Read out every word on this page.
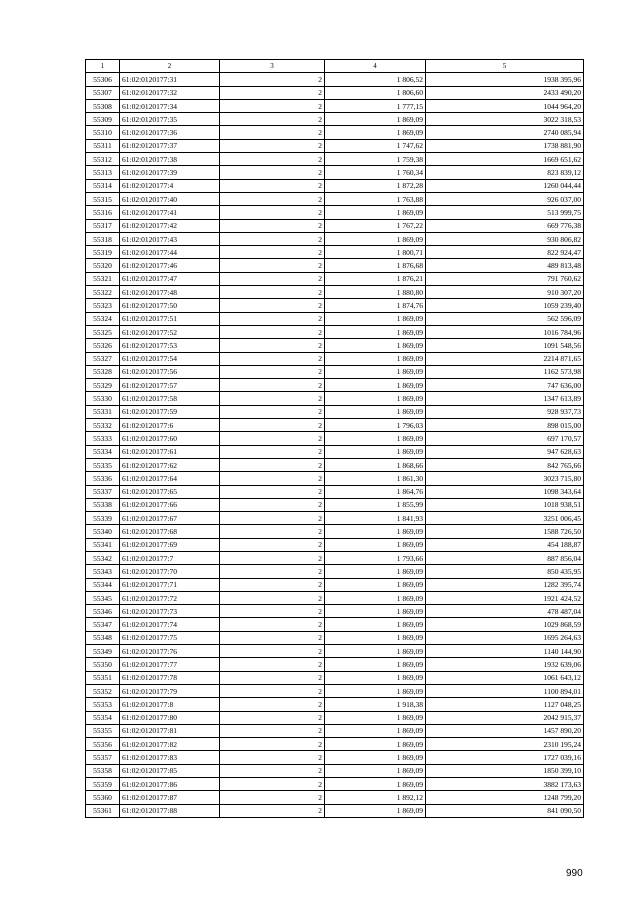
1	2	3	4	5
55306	61:02:0120177:31	2	1 806,52	1938 395,96
55307	61:02:0120177:32	2	1 806,60	2433 490,20
55308	61:02:0120177:34	2	1 777,15	1044 964,20
55309	61:02:0120177:35	2	1 869,09	3022 318,53
55310	61:02:0120177:36	2	1 869,09	2740 085,94
55311	61:02:0120177:37	2	1 747,62	1738 881,90
55312	61:02:0120177:38	2	1 759,38	1669 651,62
55313	61:02:0120177:39	2	1 760,34	823 839,12
55314	61:02:0120177:4	2	1 872,28	1260 044,44
55315	61:02:0120177:40	2	1 763,88	926 037,00
55316	61:02:0120177:41	2	1 869,09	513 999,75
55317	61:02:0120177:42	2	1 767,22	669 776,38
55318	61:02:0120177:43	2	1 869,09	930 806,82
55319	61:02:0120177:44	2	1 800,71	822 924,47
55320	61:02:0120177:46	2	1 876,68	489 813,48
55321	61:02:0120177:47	2	1 876,21	791 760,62
55322	61:02:0120177:48	2	1 880,80	910 307,20
55323	61:02:0120177:50	2	1 874,76	1059 239,40
55324	61:02:0120177:51	2	1 869,09	562 596,09
55325	61:02:0120177:52	2	1 869,09	1016 784,96
55326	61:02:0120177:53	2	1 869,09	1091 548,56
55327	61:02:0120177:54	2	1 869,09	2214 871,65
55328	61:02:0120177:56	2	1 869,09	1162 573,98
55329	61:02:0120177:57	2	1 869,09	747 636,00
55330	61:02:0120177:58	2	1 869,09	1347 613,89
55331	61:02:0120177:59	2	1 869,09	928 937,73
55332	61:02:0120177:6	2	1 796,03	898 015,00
55333	61:02:0120177:60	2	1 869,09	697 170,57
55334	61:02:0120177:61	2	1 869,09	947 628,63
55335	61:02:0120177:62	2	1 868,66	842 765,66
55336	61:02:0120177:64	2	1 861,30	3023 715,80
55337	61:02:0120177:65	2	1 864,76	1098 343,64
55338	61:02:0120177:66	2	1 855,99	1018 938,51
55339	61:02:0120177:67	2	1 841,93	3251 006,45
55340	61:02:0120177:68	2	1 869,09	1588 726,50
55341	61:02:0120177:69	2	1 869,09	454 188,87
55342	61:02:0120177:7	2	1 793,66	887 856,04
55343	61:02:0120177:70	2	1 869,09	850 435,95
55344	61:02:0120177:71	2	1 869,09	1282 395,74
55345	61:02:0120177:72	2	1 869,09	1921 424,52
55346	61:02:0120177:73	2	1 869,09	478 487,04
55347	61:02:0120177:74	2	1 869,09	1029 868,59
55348	61:02:0120177:75	2	1 869,09	1695 264,63
55349	61:02:0120177:76	2	1 869,09	1140 144,90
55350	61:02:0120177:77	2	1 869,09	1932 639,06
55351	61:02:0120177:78	2	1 869,09	1061 643,12
55352	61:02:0120177:79	2	1 869,09	1100 894,01
55353	61:02:0120177:8	2	1 918,38	1127 048,25
55354	61:02:0120177:80	2	1 869,09	2042 915,37
55355	61:02:0120177:81	2	1 869,09	1457 890,20
55356	61:02:0120177:82	2	1 869,09	2310 195,24
55357	61:02:0120177:83	2	1 869,09	1727 039,16
55358	61:02:0120177:85	2	1 869,09	1850 399,10
55359	61:02:0120177:86	2	1 869,09	3882 173,63
55360	61:02:0120177:87	2	1 892,12	1248 799,20
55361	61:02:0120177:88	2	1 869,09	841 090,50
990
